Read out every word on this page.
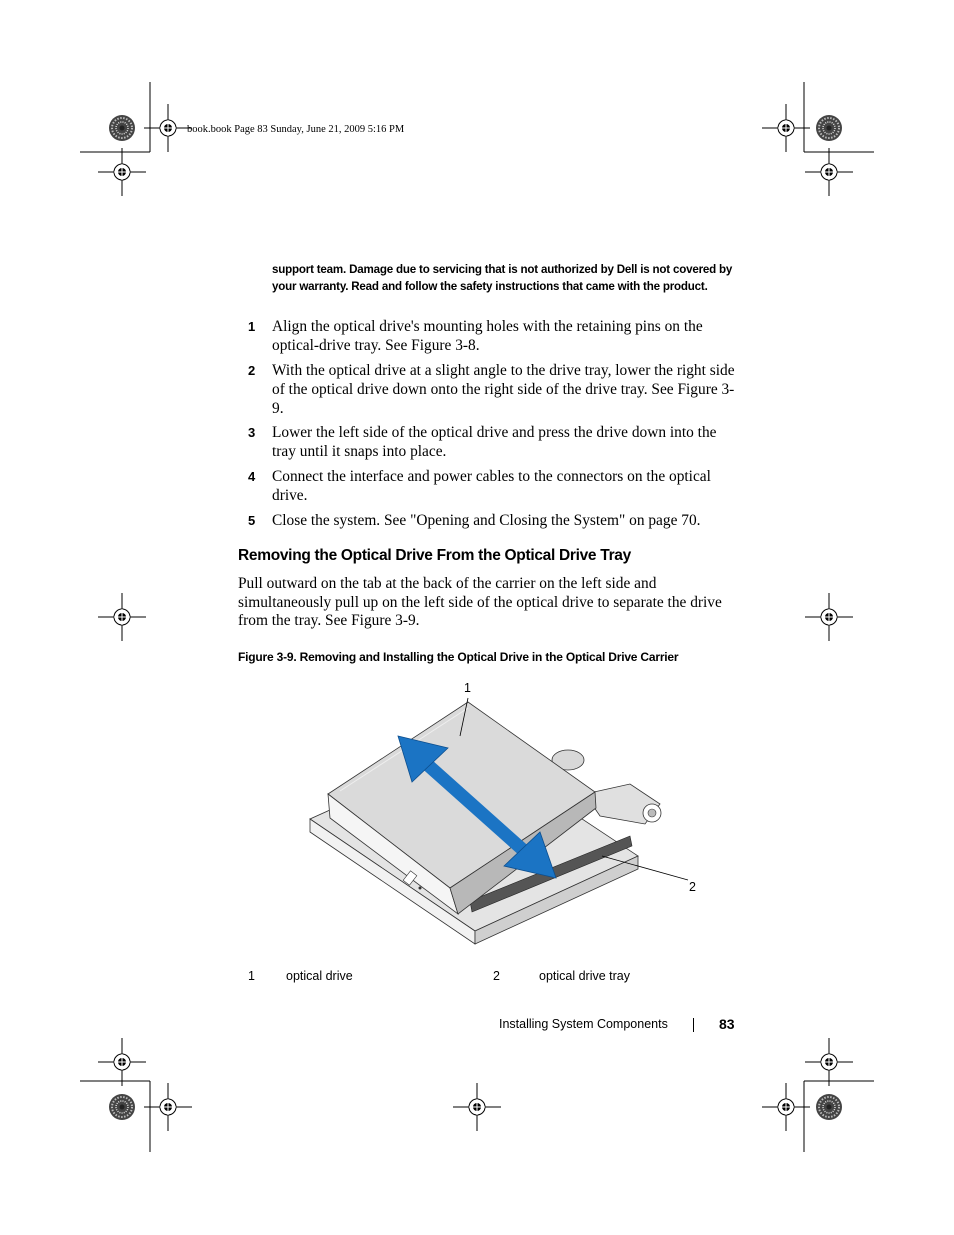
book.book Page 83 Sunday, June 21, 2009 5:16 PM
support team. Damage due to servicing that is not authorized by Dell is not covered by your warranty. Read and follow the safety instructions that came with the product.
1 Align the optical drive's mounting holes with the retaining pins on the optical-drive tray. See Figure 3-8.
2 With the optical drive at a slight angle to the drive tray, lower the right side of the optical drive down onto the right side of the drive tray. See Figure 3-9.
3 Lower the left side of the optical drive and press the drive down into the tray until it snaps into place.
4 Connect the interface and power cables to the connectors on the optical drive.
5 Close the system. See "Opening and Closing the System" on page 70.
Removing the Optical Drive From the Optical Drive Tray
Pull outward on the tab at the back of the carrier on the left side and simultaneously pull up on the left side of the optical drive to separate the drive from the tray. See Figure 3-9.
Figure 3-9. Removing and Installing the Optical Drive in the Optical Drive Carrier
1
2
1 optical drive	2	optical drive tray
Installing System Components	83
